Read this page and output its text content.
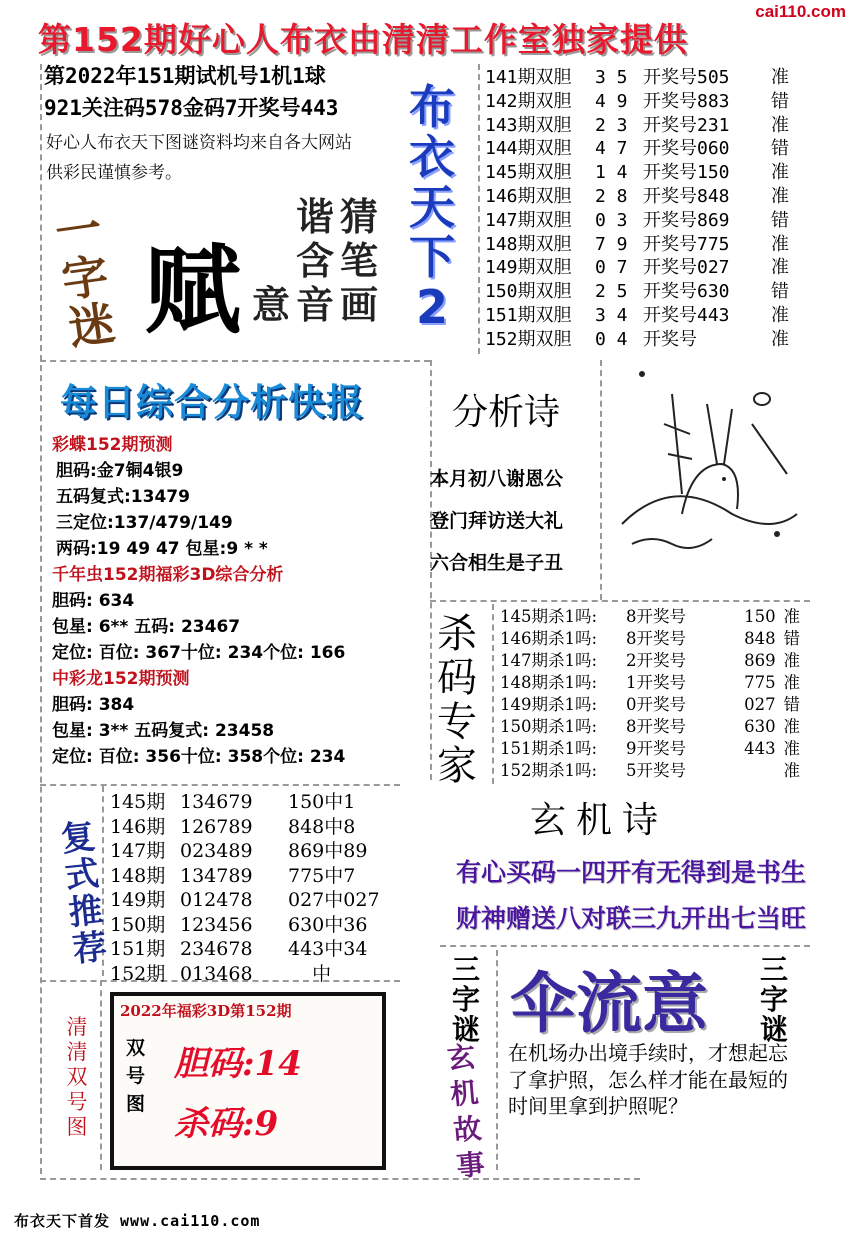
cai110.com
第152期好心人布衣由清清工作室独家提供
第2022年151期试机号1机1球
921关注码578金码7开奖号443
好心人布衣天下图谜资料均来自各大网站
供彩民谨慎参考。
布
衣
天
下
2
141期双胆	3 5 开奖号505	准
142期双胆	4 9 开奖号883	错
143期双胆	2 3 开奖号231	准
144期双胆	4 7 开奖号060	错
145期双胆	1 4 开奖号150	准
146期双胆	2 8 开奖号848	准
147期双胆	0 3 开奖号869	错
148期双胆	7 9 开奖号775	准
149期双胆	0 7 开奖号027	准
150期双胆	2 5 开奖号630	错
151期双胆	3 4 开奖号443	准
152期双胆	0 4 开奖号	准
一
字
迷 赋
猜
笔
画
谐
含
音
意
每日综合分析快报
彩蝶152期预测
胆码:金7铜4银9
五码复式:13479
三定位:137/479/149
两码:19 49 47 包星:9 * *
千年虫152期福彩3D综合分析
胆码: 634
包星: 6** 五码: 23467
定位: 百位: 367十位: 234个位: 166
中彩龙152期预测
胆码: 384
包星: 3** 五码复式: 23458
定位: 百位: 356十位: 358个位: 234
分析诗
本月初八谢恩公
登门拜访送大礼
六合相生是子丑
杀
码
专
家
145期杀1吗:	8开奖号	150 准
146期杀1吗:	8开奖号	848 错
147期杀1吗:	2开奖号	869 准
148期杀1吗:	1开奖号	775 准
149期杀1吗:	0开奖号	027 错
150期杀1吗:	8开奖号	630 准
151期杀1吗:	9开奖号	443 准
152期杀1吗:	5开奖号	准
复
式
推
荐
145期 134679	150中1
146期 126789	848中8
147期 023489	869中89
148期 134789	775中7
149期 012478	027中027
150期 123456	630中36
151期 234678	443中34
152期 013468	中
玄机诗
有心买码一四开 有无得到是书生
财神赠送八对联 三九开出七当旺
清
清
双
号
图
2022年福彩3D第152期
双
号
图
胆码:14
杀码:9
三
字
谜 伞流意 三
字
谜
玄
机
故
事
在机场办出境手续时，才想起忘了拿护照，怎么样才能在最短的时间里拿到护照呢？
布衣天下首发 www.cai110.com
